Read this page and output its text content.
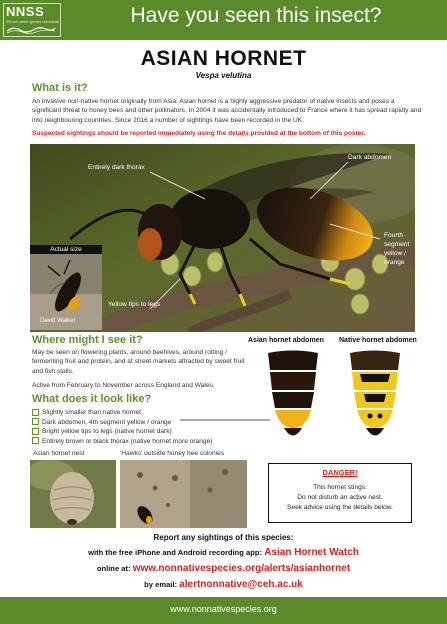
NNSS
GB non-native species secretariat	Have you seen this insect?
ASIAN HORNET
Vespa velutina
What is it?
An invasive non-native hornet originally from Asia. Asian hornet is a highly aggressive predator of native insects and poses a significant threat to honey bees and other pollinators. In 2004 it was accidentally introduced to France where it has spread rapidly and into neighbouring countries. Since 2016 a number of sightings have been recorded in the UK.
Suspected sightings should be reported immediately using the details provided at the bottom of this poster.
Entirely dark thorax
Dark abdomen
Fourth
segment
yellow /
orange
Yellow tips to legs
Actual size
David Walker
Where might I see it?
May be seen on flowering plants, around beehives, around rotting / fermenting fruit and protein, and at street markets attracted by sweet fruit and fish stalls.
Active from February to November across England and Wales.
What does it look like?
Slightly smaller than native hornet
Dark abdomen, 4th segment yellow / orange
Bright yellow tips to legs (native hornet dark)
Entirely brown or black thorax (native hornet more orange)
Asian hornet abdomen Native hornet abdomen
Asian hornet nest	'Hawks' outside honey bee colonies
DANGER!
This hornet stings.
Do not disturb an active nest.
Seek advice using the details below.
Report any sightings of this species:
with the free iPhone and Android recording app: Asian Hornet Watch
online at: www.nonnativespecies.org/alerts/asianhornet
by email: alertnonnative@ceh.ac.uk
www.nonnativespecies.org
